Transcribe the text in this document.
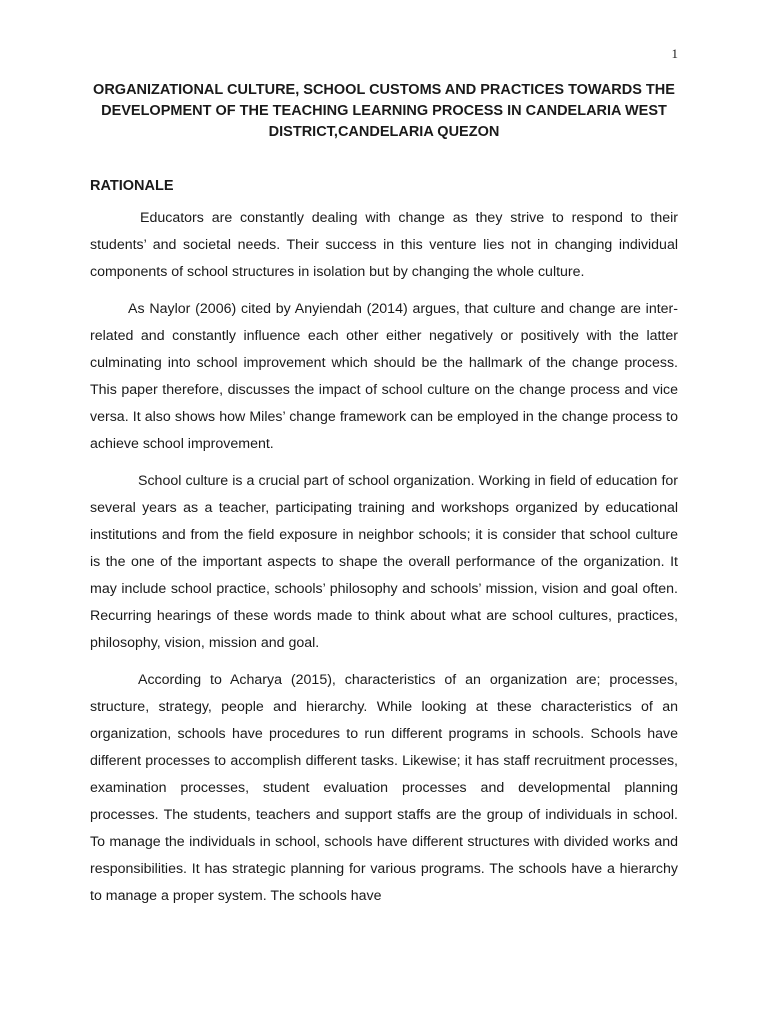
1

ORGANIZATIONAL CULTURE, SCHOOL CUSTOMS AND PRACTICES TOWARDS THE DEVELOPMENT OF THE TEACHING LEARNING PROCESS IN CANDELARIA WEST DISTRICT,CANDELARIA QUEZON
RATIONALE

Educators are constantly dealing with change as they strive to respond to their students’ and societal needs. Their success in this venture lies not in changing individual components of school structures in isolation but by changing the whole culture.

As Naylor (2006) cited by Anyiendah (2014) argues, that culture and change are inter-related and constantly influence each other either negatively or positively with the latter culminating into school improvement which should be the hallmark of the change process. This paper therefore, discusses the impact of school culture on the change process and vice versa. It also shows how Miles’ change framework can be employed in the change process to achieve school improvement.

School culture is a crucial part of school organization. Working in field of education for several years as a teacher, participating training and workshops organized by educational institutions and from the field exposure in neighbor schools; it is consider that school culture is the one of the important aspects to shape the overall performance of the organization. It may include school practice, schools’ philosophy and schools’ mission, vision and goal often. Recurring hearings of these words made to think about what are school cultures, practices, philosophy, vision, mission and goal.

According to Acharya (2015), characteristics of an organization are; processes, structure, strategy, people and hierarchy. While looking at these characteristics of an organization, schools have procedures to run different programs in schools. Schools have different processes to accomplish different tasks. Likewise; it has staff recruitment processes, examination processes, student evaluation processes and developmental planning processes. The students, teachers and support staffs are the group of individuals in school. To manage the individuals in school, schools have different structures with divided works and responsibilities. It has strategic planning for various programs. The schools have a hierarchy to manage a proper system. The schools have
